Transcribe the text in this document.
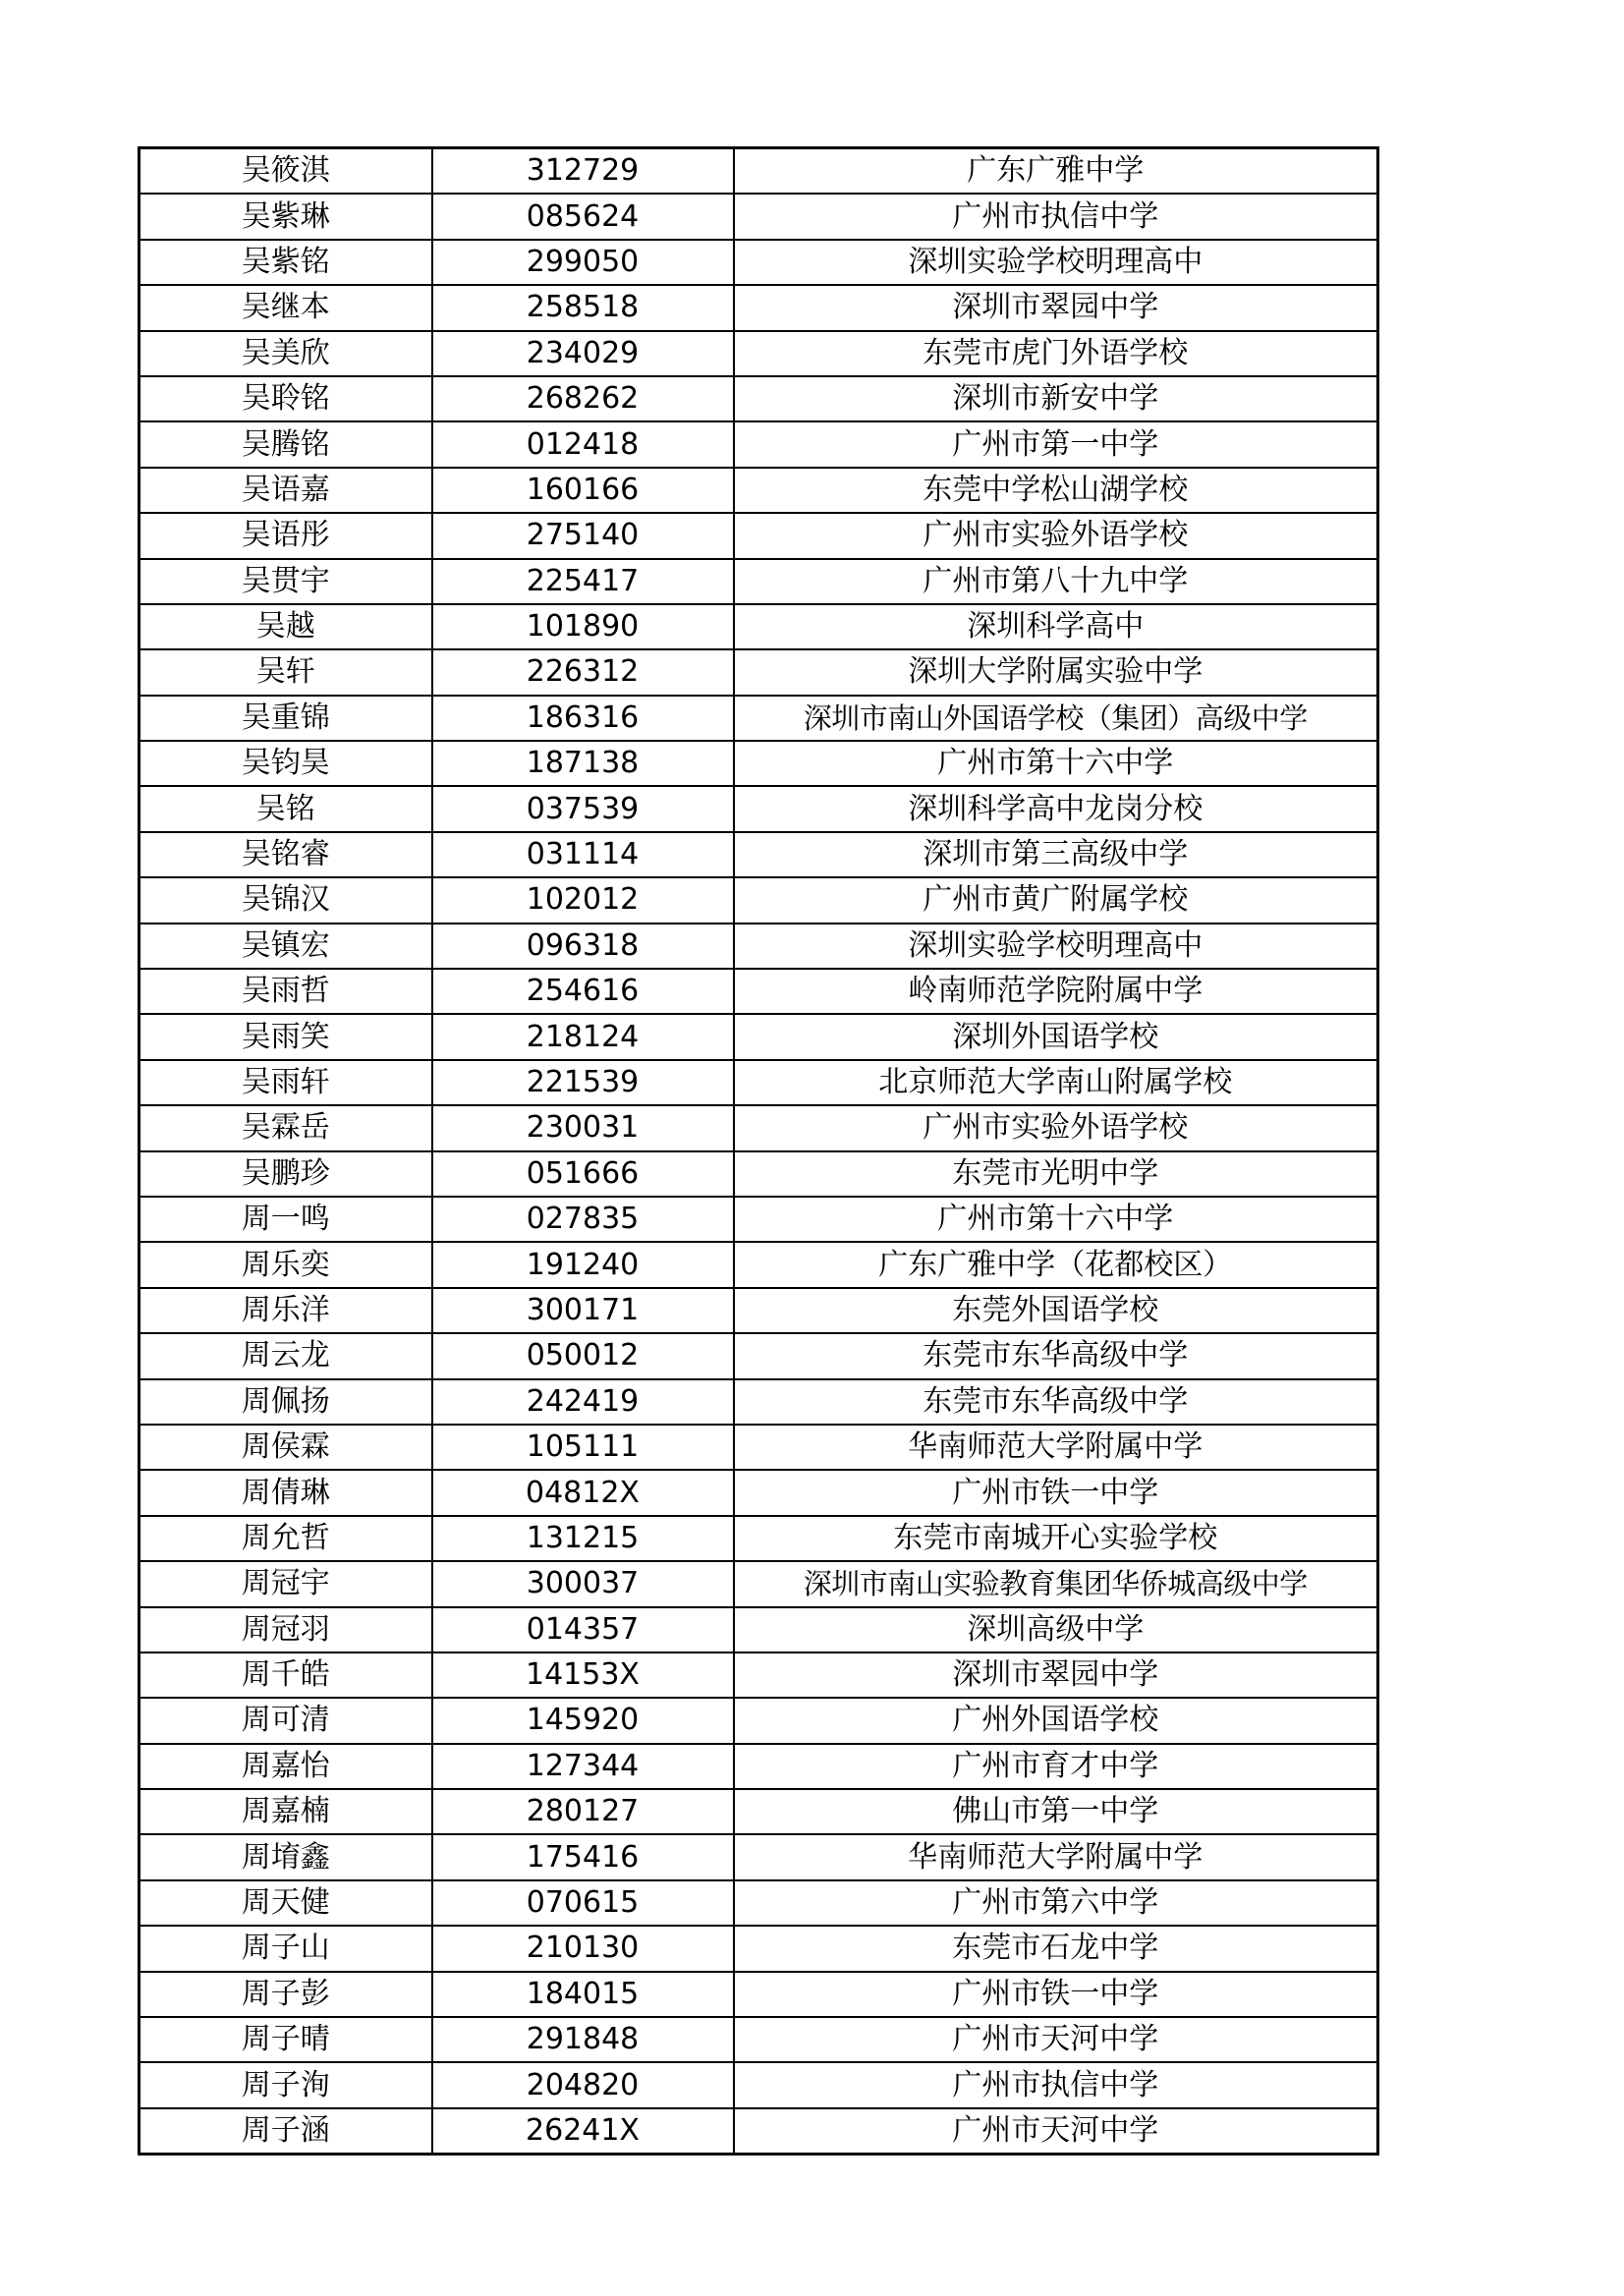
吴筱淇	312729	广东广雅中学
吴紫琳	085624	广州市执信中学
吴紫铭	299050	深圳实验学校明理高中
吴继本	258518	深圳市翠园中学
吴美欣	234029	东莞市虎门外语学校
吴聆铭	268262	深圳市新安中学
吴腾铭	012418	广州市第一中学
吴语嘉	160166	东莞中学松山湖学校
吴语彤	275140	广州市实验外语学校
吴贯宇	225417	广州市第八十九中学
吴越	101890	深圳科学高中
吴轩	226312	深圳大学附属实验中学
吴重锦	186316	深圳市南山外国语学校（集团）高级中学
吴钧昊	187138	广州市第十六中学
吴铭	037539	深圳科学高中龙岗分校
吴铭睿	031114	深圳市第三高级中学
吴锦汉	102012	广州市黄广附属学校
吴镇宏	096318	深圳实验学校明理高中
吴雨哲	254616	岭南师范学院附属中学
吴雨笑	218124	深圳外国语学校
吴雨轩	221539	北京师范大学南山附属学校
吴霖岳	230031	广州市实验外语学校
吴鹏珍	051666	东莞市光明中学
周一鸣	027835	广州市第十六中学
周乐奕	191240	广东广雅中学（花都校区）
周乐洋	300171	东莞外国语学校
周云龙	050012	东莞市东华高级中学
周佩扬	242419	东莞市东华高级中学
周侯霖	105111	华南师范大学附属中学
周倩琳	04812X	广州市铁一中学
周允哲	131215	东莞市南城开心实验学校
周冠宇	300037	深圳市南山实验教育集团华侨城高级中学
周冠羽	014357	深圳高级中学
周千皓	14153X	深圳市翠园中学
周可清	145920	广州外国语学校
周嘉怡	127344	广州市育才中学
周嘉楠	280127	佛山市第一中学
周堉鑫	175416	华南师范大学附属中学
周天健	070615	广州市第六中学
周子山	210130	东莞市石龙中学
周子彭	184015	广州市铁一中学
周子晴	291848	广州市天河中学
周子洵	204820	广州市执信中学
周子涵	26241X	广州市天河中学
